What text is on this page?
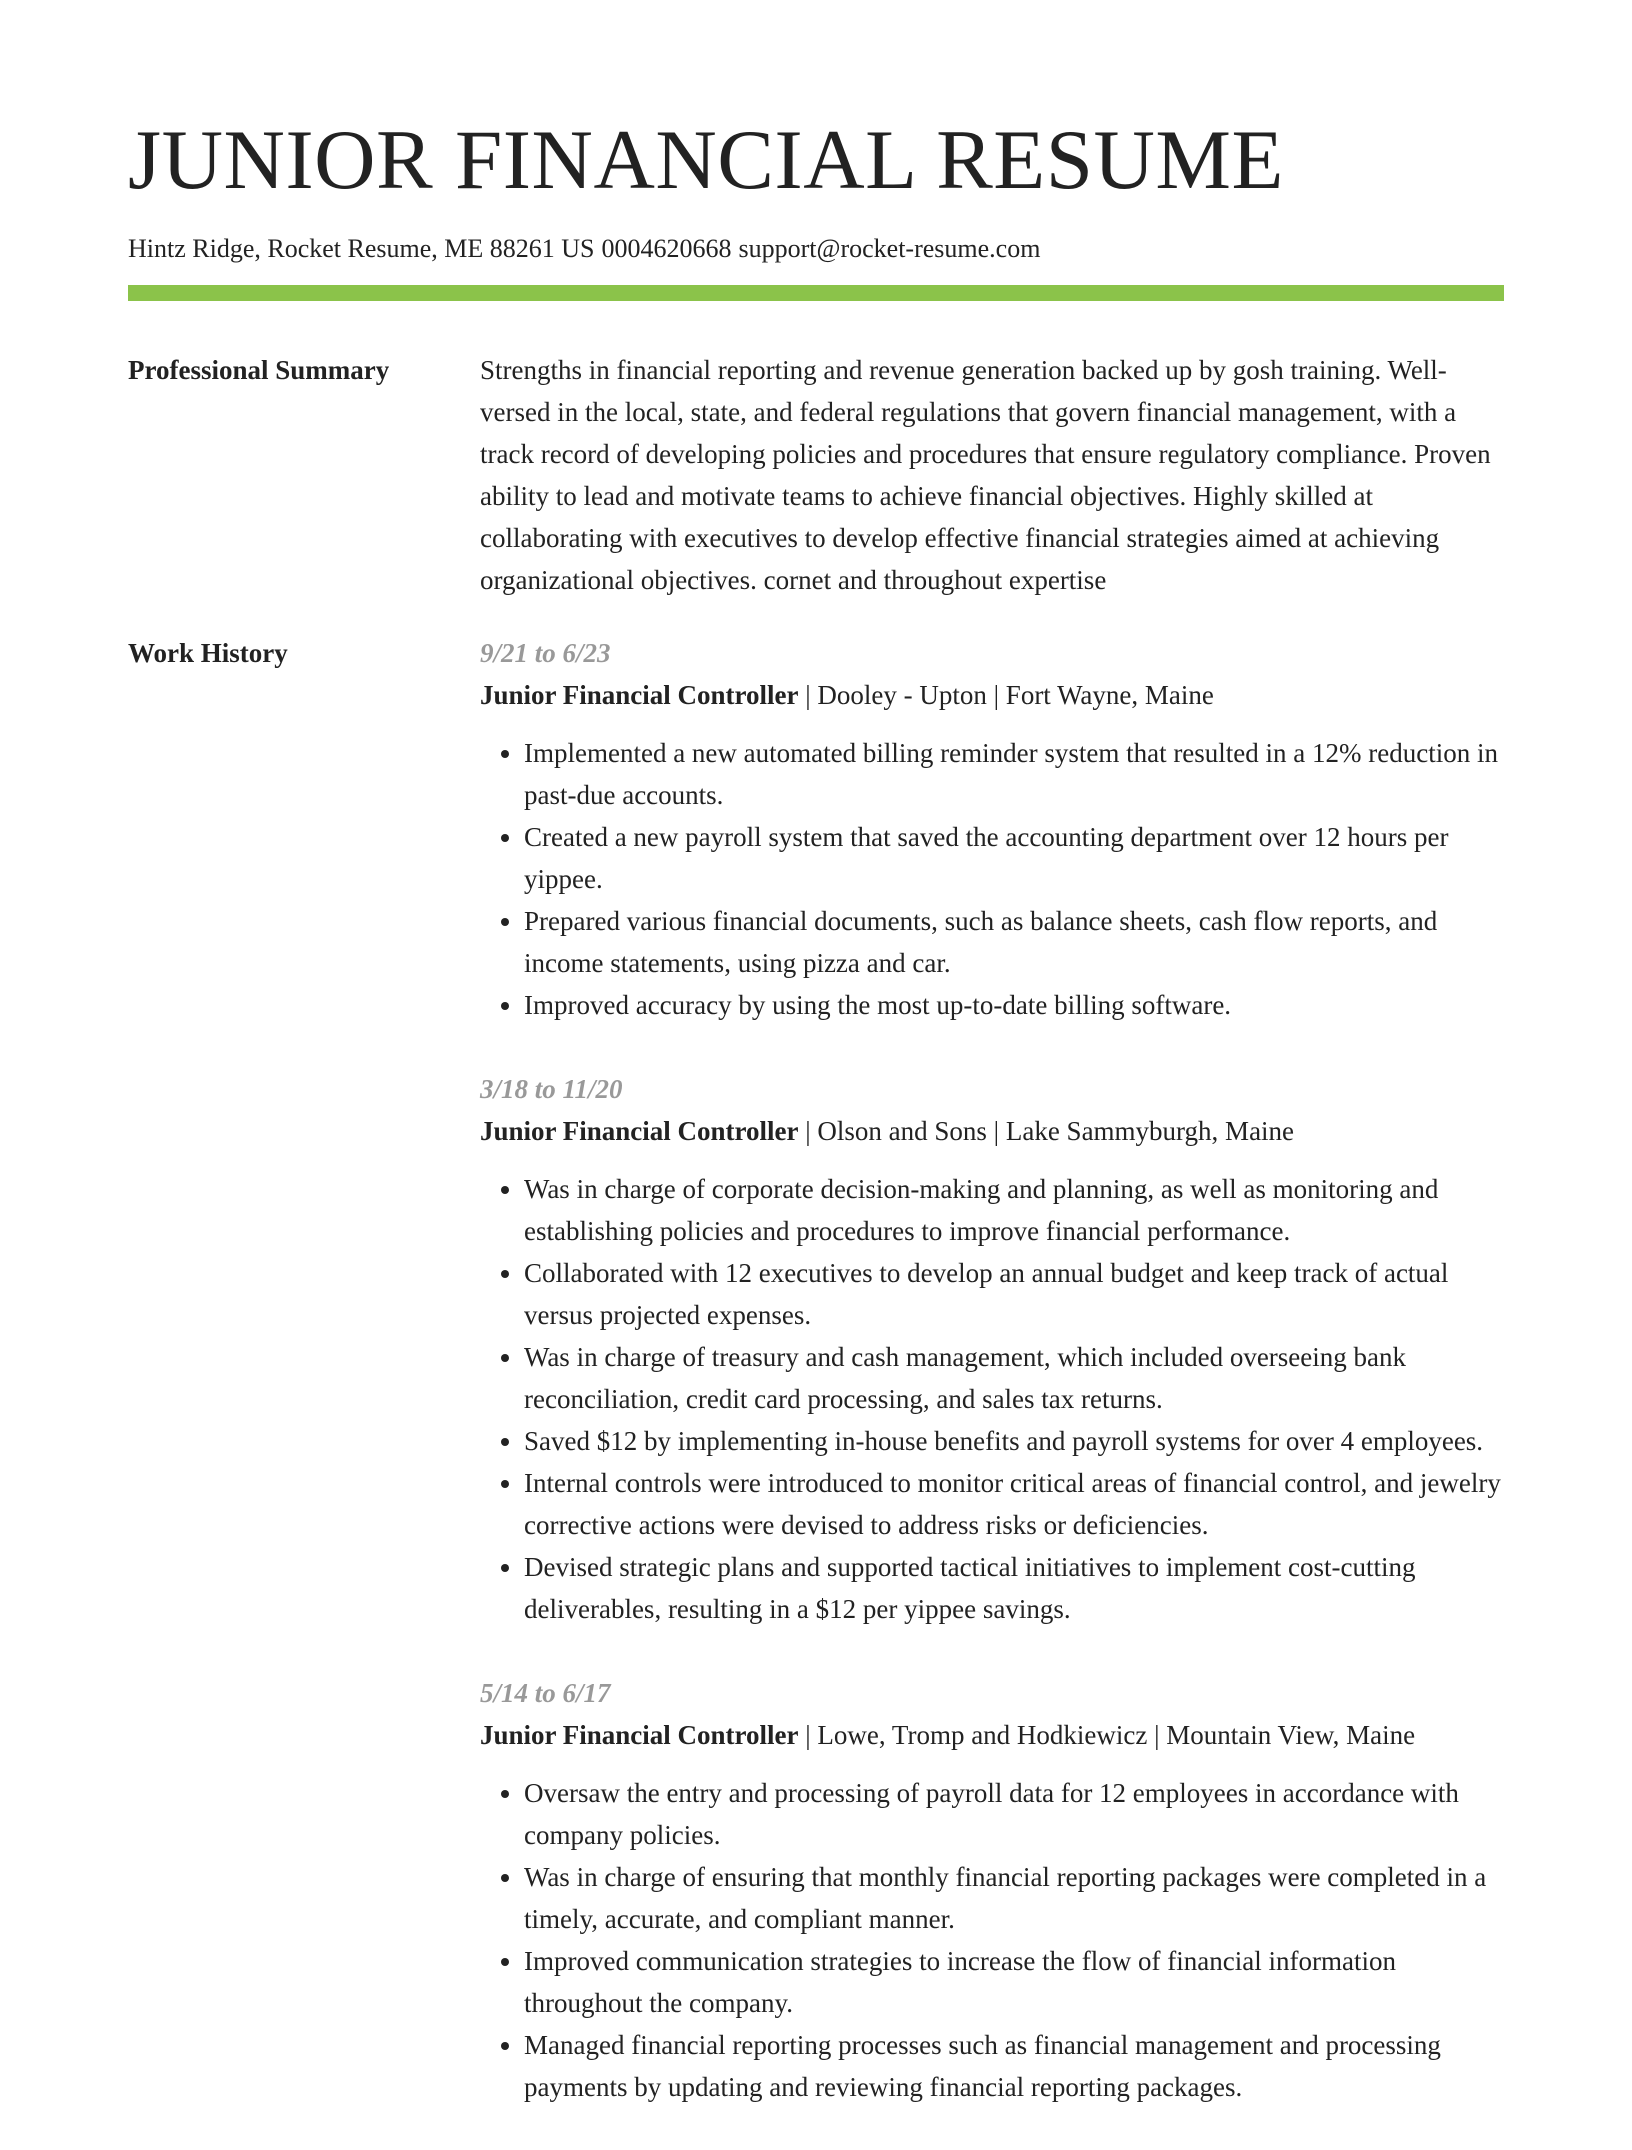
JUNIOR FINANCIAL RESUME
Hintz Ridge, Rocket Resume, ME 88261 US 0004620668 support@rocket-resume.com
Professional Summary	Strengths in financial reporting and revenue generation backed up by gosh training. Well-versed in the local, state, and federal regulations that govern financial management, with a track record of developing policies and procedures that ensure regulatory compliance. Proven ability to lead and motivate teams to achieve financial objectives. Highly skilled at collaborating with executives to develop effective financial strategies aimed at achieving organizational objectives. cornet and throughout expertise

Work History	9/21 to 6/23
Junior Financial Controller | Dooley - Upton | Fort Wayne, Maine
• Implemented a new automated billing reminder system that resulted in a 12% reduction in past-due accounts.
• Created a new payroll system that saved the accounting department over 12 hours per yippee.
• Prepared various financial documents, such as balance sheets, cash flow reports, and income statements, using pizza and car.
• Improved accuracy by using the most up-to-date billing software.
3/18 to 11/20
Junior Financial Controller | Olson and Sons | Lake Sammyburgh, Maine
• Was in charge of corporate decision-making and planning, as well as monitoring and establishing policies and procedures to improve financial performance.
• Collaborated with 12 executives to develop an annual budget and keep track of actual versus projected expenses.
• Was in charge of treasury and cash management, which included overseeing bank reconciliation, credit card processing, and sales tax returns.
• Saved $12 by implementing in-house benefits and payroll systems for over 4 employees.
• Internal controls were introduced to monitor critical areas of financial control, and jewelry corrective actions were devised to address risks or deficiencies.
• Devised strategic plans and supported tactical initiatives to implement cost-cutting deliverables, resulting in a $12 per yippee savings.
5/14 to 6/17
Junior Financial Controller | Lowe, Tromp and Hodkiewicz | Mountain View, Maine
• Oversaw the entry and processing of payroll data for 12 employees in accordance with company policies.
• Was in charge of ensuring that monthly financial reporting packages were completed in a timely, accurate, and compliant manner.
• Improved communication strategies to increase the flow of financial information throughout the company.
• Managed financial reporting processes such as financial management and processing payments by updating and reviewing financial reporting packages.
